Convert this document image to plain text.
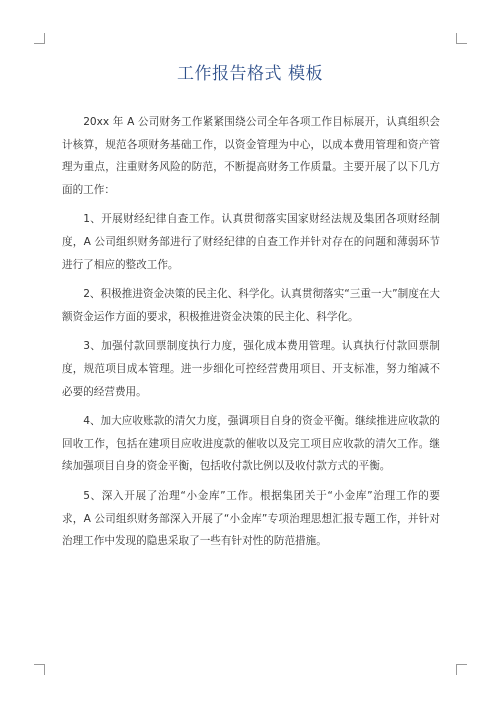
工作报告格式 模板

20xx 年 A 公司财务工作紧紧围绕公司全年各项工作目标展开，认真组织会计核算，规范各项财务基础工作，以资金管理为中心，以成本费用管理和资产管理为重点，注重财务风险的防范，不断提高财务工作质量。主要开展了以下几方面的工作：

1、开展财经纪律自查工作。认真贯彻落实国家财经法规及集团各项财经制度，A 公司组织财务部进行了财经纪律的自查工作并针对存在的问题和薄弱环节进行了相应的整改工作。

2、积极推进资金决策的民主化、科学化。认真贯彻落实“三重一大”制度在大额资金运作方面的要求，积极推进资金决策的民主化、科学化。

3、加强付款回票制度执行力度，强化成本费用管理。认真执行付款回票制度，规范项目成本管理。进一步细化可控经营费用项目、开支标准，努力缩减不必要的经营费用。

4、加大应收账款的清欠力度，强调项目自身的资金平衡。继续推进应收款的回收工作，包括在建项目应收进度款的催收以及完工项目应收款的清欠工作。继续加强项目自身的资金平衡，包括收付款比例以及收付款方式的平衡。

5、深入开展了治理“小金库”工作。根据集团关于“小金库”治理工作的要求，A 公司组织财务部深入开展了“小金库”专项治理思想汇报专题工作，并针对治理工作中发现的隐患采取了一些有针对性的防范措施。
